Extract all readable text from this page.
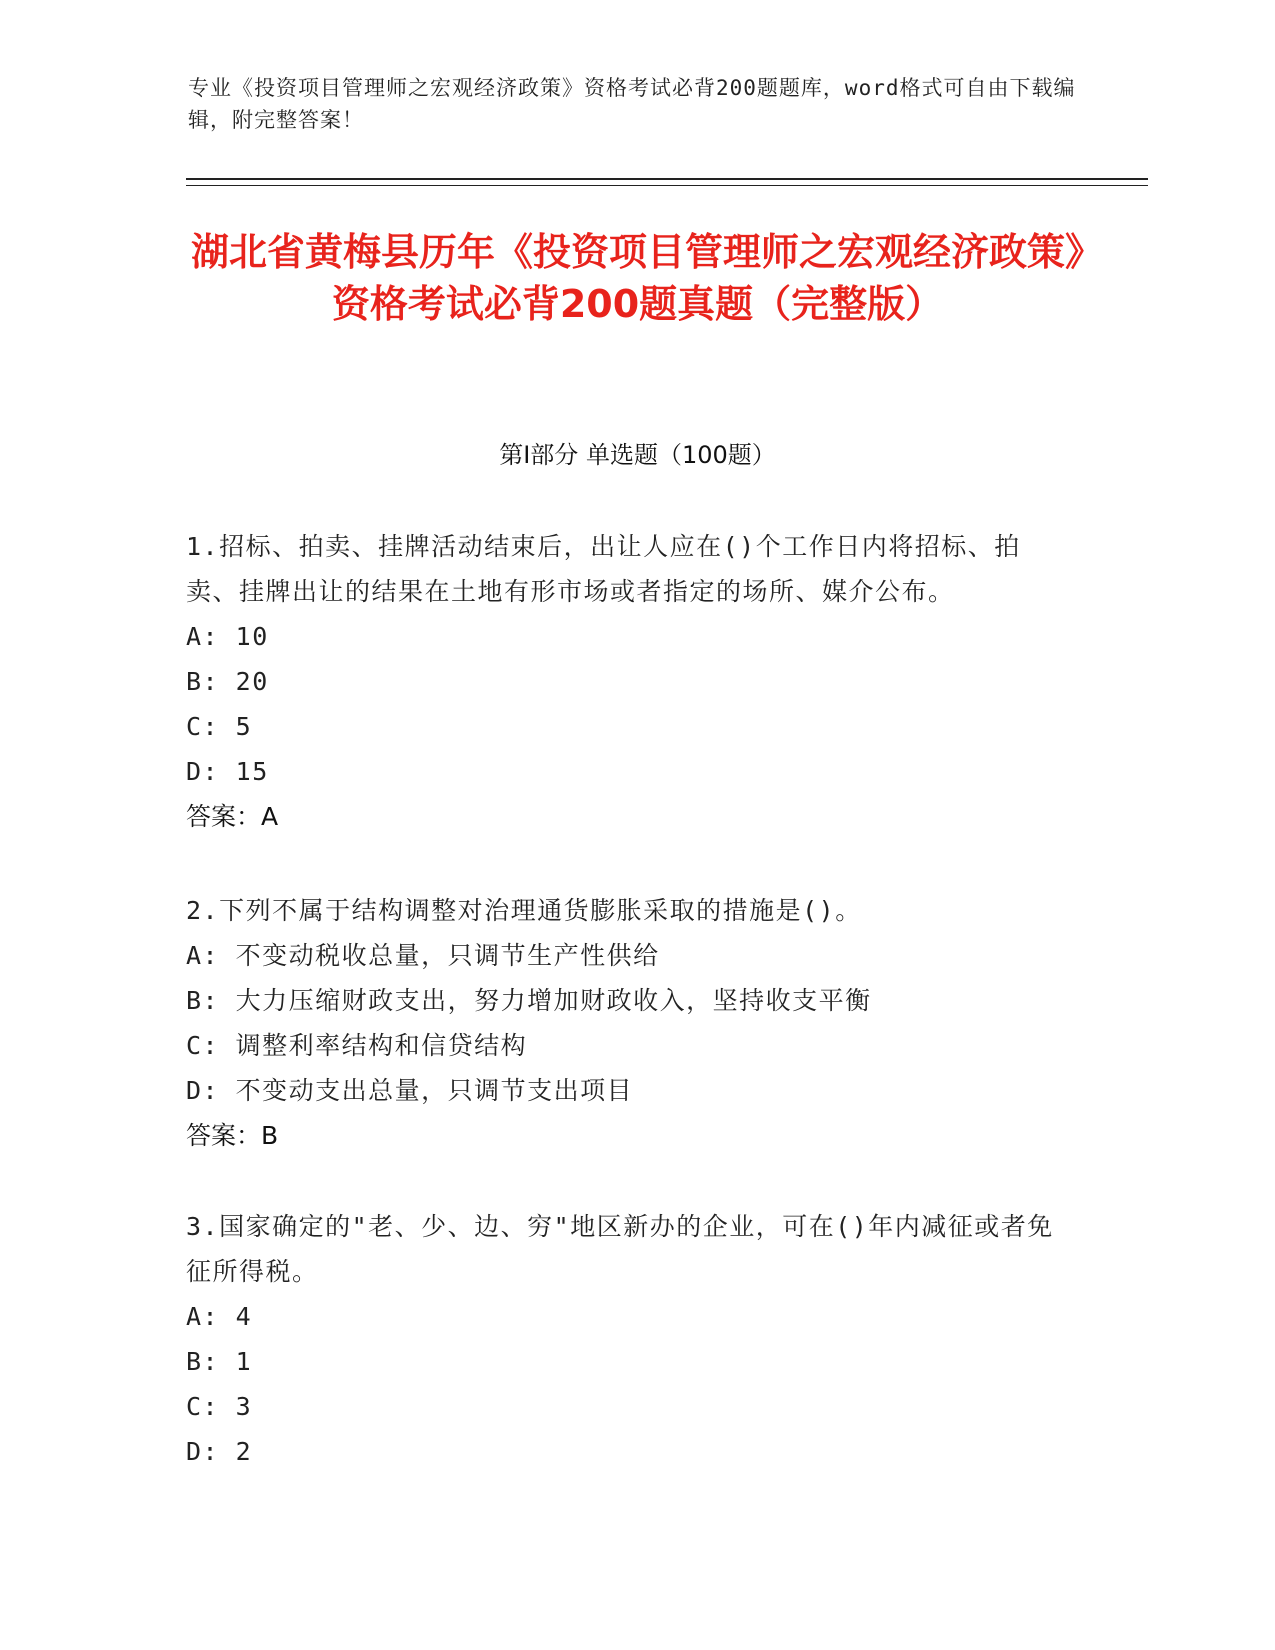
专业《投资项目管理师之宏观经济政策》资格考试必背200题题库，word格式可自由下载编辑，附完整答案！
湖北省黄梅县历年《投资项目管理师之宏观经济政策》资格考试必背200题真题（完整版）
第Ⅰ部分 单选题（100题）
1.招标、拍卖、挂牌活动结束后，出让人应在()个工作日内将招标、拍卖、挂牌出让的结果在土地有形市场或者指定的场所、媒介公布。
A: 10
B: 20
C: 5
D: 15
答案：A
2.下列不属于结构调整对治理通货膨胀采取的措施是()。
A: 不变动税收总量，只调节生产性供给
B: 大力压缩财政支出，努力增加财政收入，坚持收支平衡
C: 调整利率结构和信贷结构
D: 不变动支出总量，只调节支出项目
答案：B
3.国家确定的"老、少、边、穷"地区新办的企业，可在()年内减征或者免征所得税。
A: 4
B: 1
C: 3
D: 2
